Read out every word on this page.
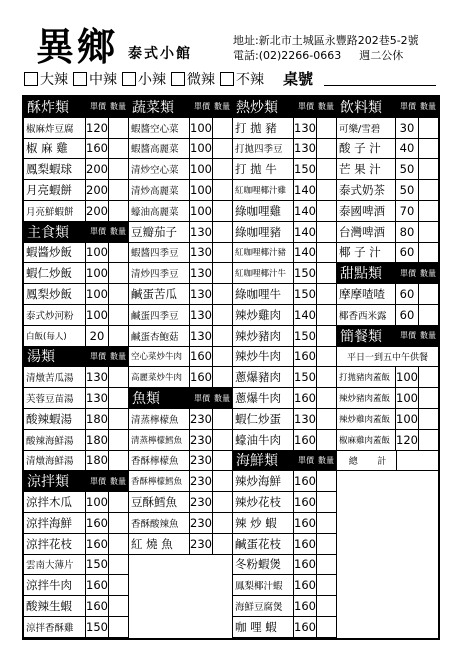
異鄉 泰式小館
地址:新北市土城區永豐路202巷5-2號
電話:(02)2266-0663 週二公休
大辣 中辣 小辣 微辣 不辣 桌號
酥炸類	單價 數量
椒麻炸豆腐	120
椒 麻 雞	160
鳳梨蝦球	200
月亮蝦餅	200
月亮鮮蝦餅	200
主食類	單價 數量
蝦醬炒飯	100
蝦仁炒飯	100
鳳梨炒飯	100
泰式炒河粉	100
白飯(每人)	20
湯類	單價 數量
清燉苦瓜湯	130
芙蓉豆苗湯	130
酸辣蝦湯	180
酸辣海鮮湯	180
清燉海鮮湯	180
涼拌類	單價 數量
涼拌木瓜	100
涼拌海鮮	160
涼拌花枝	160
雲南大薄片	150
涼拌牛肉	160
酸辣生蝦	160
涼拌香酥雞	150
蔬菜類	單價 數量
蝦醬空心菜	100
蝦醬高麗菜	100
清炒空心菜	100
清炒高麗菜	100
蠔油高麗菜	100
豆瓣茄子	130
蝦醬四季豆	130
清炒四季豆	130
鹹蛋苦瓜	130
鹹蛋四季豆	130
鹹蛋杏鮑菇	130
空心菜炒牛肉 160
高麗菜炒牛肉 160
魚類	單價 數量
清蒸檸檬魚	230
清蒸檸檬鱈魚 230
香酥檸檬魚	230
香酥檸檬鱈魚 230
豆酥鱈魚	230
香酥酸辣魚	230
紅 燒 魚	230
熱炒類	單價 數量
打 拋 豬	130
打拋四季豆	130
打 拋 牛	150
紅咖哩椰汁雞 140
綠咖哩雞	140
綠咖哩豬	140
紅咖哩椰汁豬 140
紅咖哩椰汁牛 150
綠咖哩牛	150
辣炒雞肉	140
辣炒豬肉	150
辣炒牛肉	160
蔥爆豬肉	150
蔥爆牛肉	160
蝦仁炒蛋	130
蠔油牛肉	160
海鮮類	單價 數量
辣炒海鮮	160
辣炒花枝	160
辣 炒 蝦	160
鹹蛋花枝	160
冬粉蝦煲	160
鳳梨椰汁蝦	160
海鮮豆腐煲	160
咖 哩 蝦	160
飲料類	單價 數量
可樂/雪碧	30
酸 子 汁	40
芒 果 汁	50
泰式奶茶	50
泰國啤酒	70
台灣啤酒	80
椰 子 汁	60
甜點類	單價 數量
摩摩喳喳	60
椰香西米露	60
簡餐類	單價 數量
平日一到五中午供餐
打拋豬肉蓋飯 100
辣炒豬肉蓋飯 100
辣炒雞肉蓋飯 100
椒麻雞肉蓋飯 120
總 計
